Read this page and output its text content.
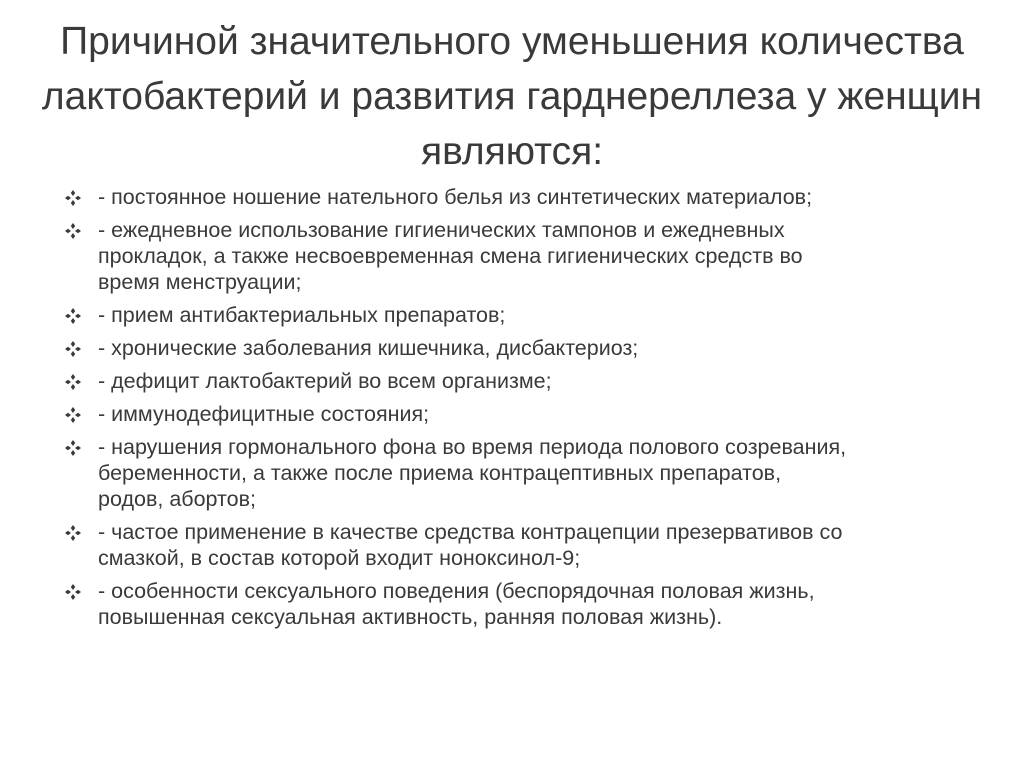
Причиной значительного уменьшения количества
лактобактерий и развития гарднереллеза у женщин
являются:
- постоянное ношение нательного белья из синтетических материалов;
- ежедневное использование гигиенических тампонов и ежедневных
прокладок, а также несвоевременная смена гигиенических средств во
время менструации;
- прием антибактериальных препаратов;
- хронические заболевания кишечника, дисбактериоз;
- дефицит лактобактерий во всем организме;
- иммунодефицитные состояния;
- нарушения гормонального фона во время периода полового созревания,
беременности, а также после приема контрацептивных препаратов,
родов, абортов;
- частое применение в качестве средства контрацепции презервативов со
смазкой, в состав которой входит ноноксинол-9;
- особенности сексуального поведения (беспорядочная половая жизнь,
повышенная сексуальная активность, ранняя половая жизнь).
